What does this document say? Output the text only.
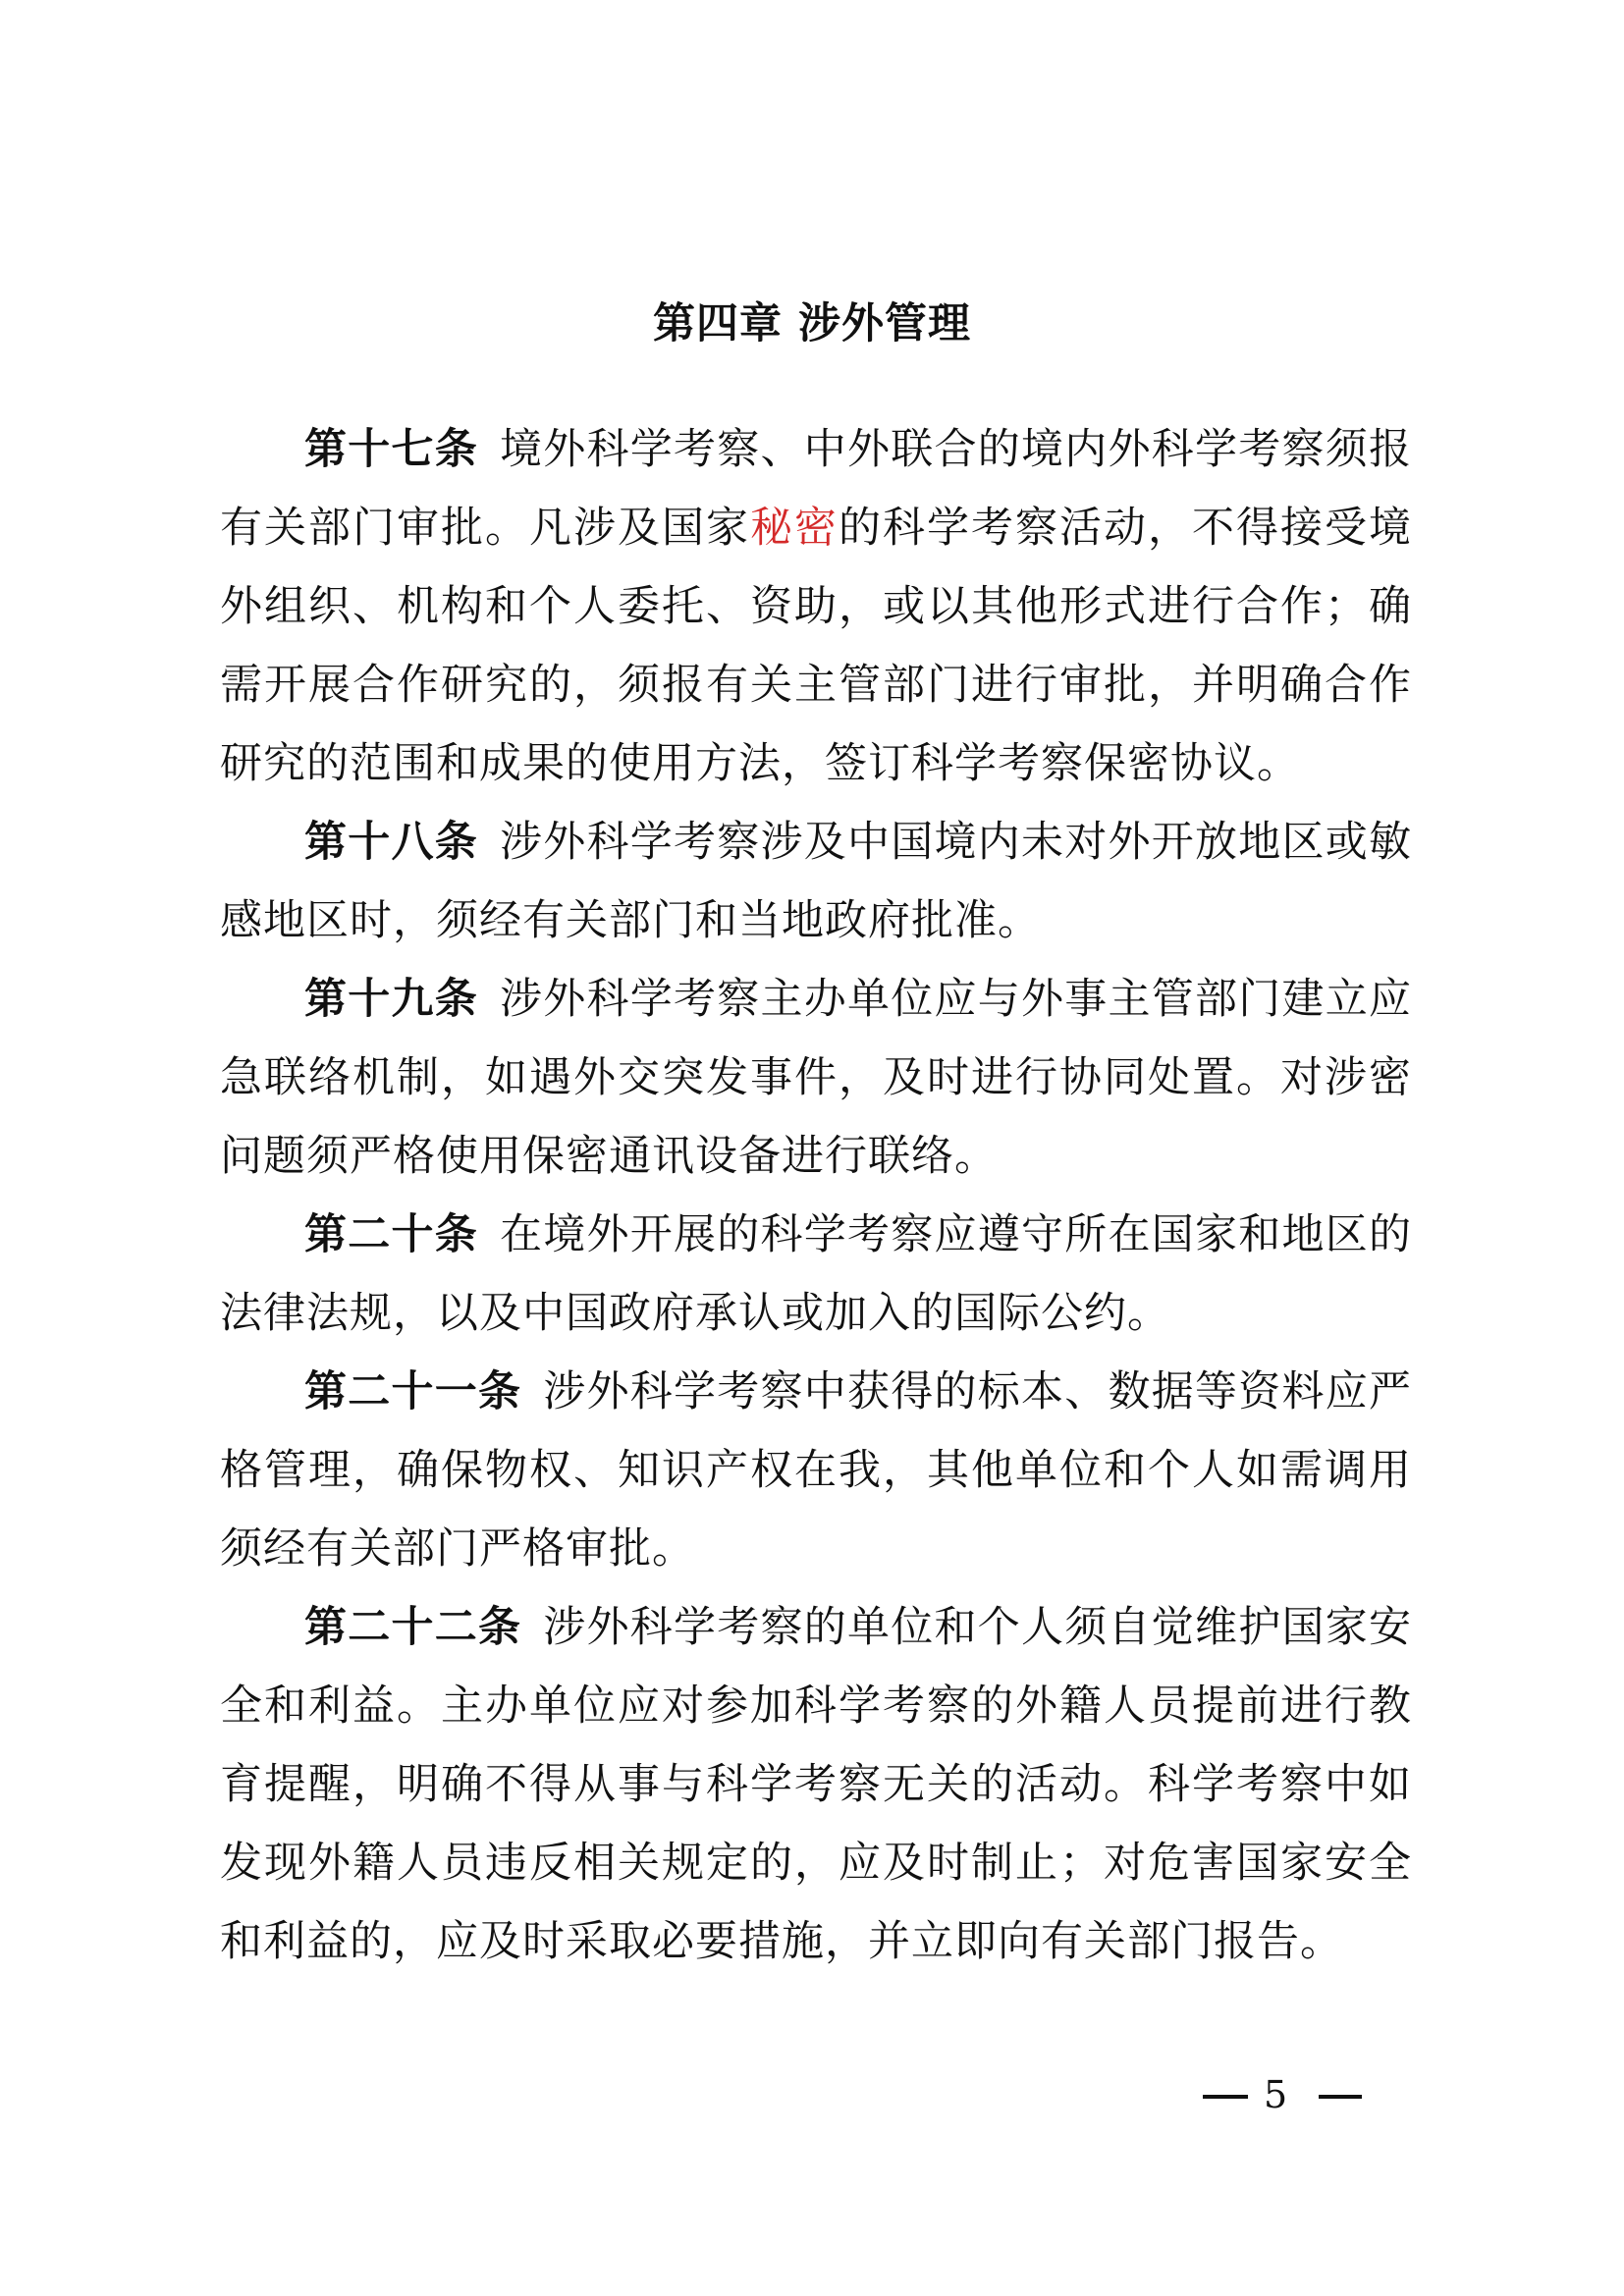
第四章 涉外管理

第十七条 境外科学考察、中外联合的境内外科学考察须报有关部门审批。凡涉及国家秘密的科学考察活动，不得接受境外组织、机构和个人委托、资助，或以其他形式进行合作；确需开展合作研究的，须报有关主管部门进行审批，并明确合作研究的范围和成果的使用方法，签订科学考察保密协议。

第十八条 涉外科学考察涉及中国境内未对外开放地区或敏感地区时，须经有关部门和当地政府批准。

第十九条 涉外科学考察主办单位应与外事主管部门建立应急联络机制，如遇外交突发事件，及时进行协同处置。对涉密问题须严格使用保密通讯设备进行联络。

第二十条 在境外开展的科学考察应遵守所在国家和地区的法律法规，以及中国政府承认或加入的国际公约。

第二十一条 涉外科学考察中获得的标本、数据等资料应严格管理，确保物权、知识产权在我，其他单位和个人如需调用须经有关部门严格审批。

第二十二条 涉外科学考察的单位和个人须自觉维护国家安全和利益。主办单位应对参加科学考察的外籍人员提前进行教育提醒，明确不得从事与科学考察无关的活动。科学考察中如发现外籍人员违反相关规定的，应及时制止；对危害国家安全和利益的，应及时采取必要措施，并立即向有关部门报告。

5
